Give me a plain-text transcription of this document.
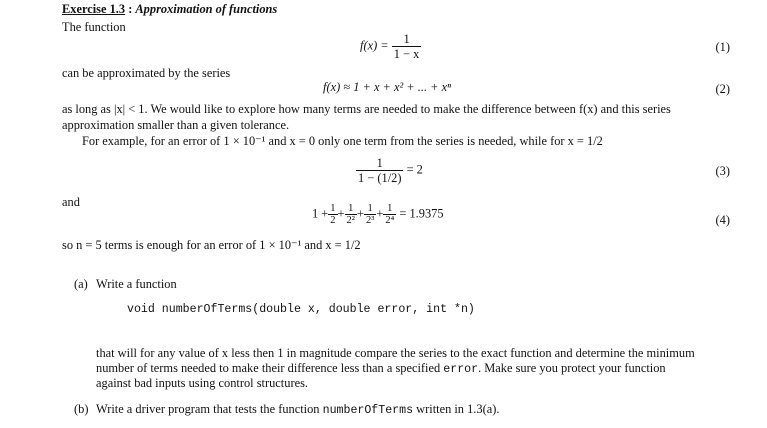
Exercise 1.3 : Approximation of functions
The function
$f(x) = \frac{1}{1 - x}$	(1)
can be approximated by the series
f(x) ≈ 1 + x + x² + ... + xⁿ	(2)
as long as |x| < 1. We would like to explore how many terms are needed to make the difference between f(x) and this series
approximation smaller than a given tolerance.
For example, for an error of 1 × 10⁻¹ and x = 0 only one term from the series is needed, while for x = 1/2
$\frac{1}{1 - (1/2)} = 2$	(3)
and
$1 + \frac{1}{2} + \frac{1}{\text{2²}} + \frac{1}{\text{2³}} + \frac{1}{\text{2⁴}} = 1.9375$	(4)
so n = 5 terms is enough for an error of 1 × 10⁻¹ and x = 1/2
(a) Write a function
void numberOfTerms(double x, double error, int *n)
that will for any value of x less then 1 in magnitude compare the series to the exact function and determine the minimum
number of terms needed to make their difference less than a specified error. Make sure you protect your function
against bad inputs using control structures.
(b) Write a driver program that tests the function numberOfTerms written in 1.3(a).
